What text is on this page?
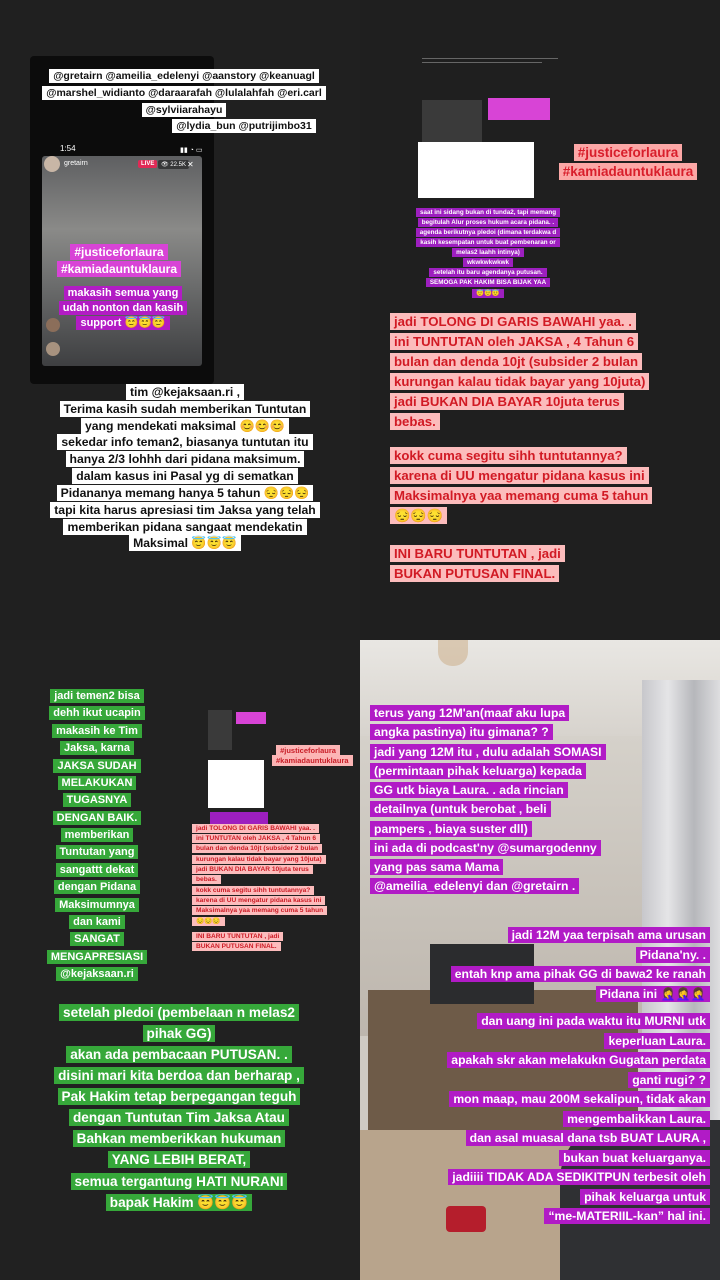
1:54	▮▮ ◔ ▭
gretairn	LIVE	👁 22.5K ✕
@gretairn @ameilia_edelenyi @aanstory @keanuagl
@marshel_widianto @daraarafah @lulalahfah @eri.carl
@sylviiarahayu
@lydia_bun @putrijimbo31
#justiceforlaura
#kamiadauntuklaura
makasih semua yang
udah nonton dan kasih
support 😇😇😇
tim @kejaksaan.ri ,
Terima kasih sudah memberikan Tuntutan
yang mendekati maksimal 😊😊😊
sekedar info teman2, biasanya tuntutan itu
hanya 2/3 lohhh dari pidana maksimum.
dalam kasus ini Pasal yg di sematkan
Pidananya memang hanya 5 tahun 😔😔😔
tapi kita harus apresiasi tim Jaksa yang telah
memberikan pidana sangaat mendekatin
Maksimal 😇😇😇
#justiceforlaura
#kamiadauntuklaura
saat ini sidang bukan di tunda2, tapi memang
begitulah Alur proses hukum acara pidana. .
agenda berikutnya pledoi (dimana terdakwa d
kasih kesempatan untuk buat pembenaran or
melas2 laahh intinya)
wkwkwkwkwk
setelah itu baru agendanya putusan.
SEMOGA PAK HAKIM BISA BIJAK YAA
😇😇😇
jadi TOLONG DI GARIS BAWAHI yaa. .
ini TUNTUTAN oleh JAKSA , 4 Tahun 6
bulan dan denda 10jt (subsider 2 bulan
kurungan kalau tidak bayar yang 10juta)
jadi BUKAN DIA BAYAR 10juta terus
bebas.
kokk cuma segitu sihh tuntutannya?
karena di UU mengatur pidana kasus ini
Maksimalnya yaa memang cuma 5 tahun
😔😔😔
INI BARU TUNTUTAN , jadi
BUKAN PUTUSAN FINAL.
jadi temen2 bisa
dehh ikut ucapin
makasih ke Tim
Jaksa, karna
JAKSA SUDAH
MELAKUKAN
TUGASNYA
DENGAN BAIK.
memberikan
Tuntutan yang
sangattt dekat
dengan Pidana
Maksimumnya
dan kami
SANGAT
MENGAPRESIASI
@kejaksaan.ri
#justiceforlaura
#kamiadauntuklaura
jadi TOLONG DI GARIS BAWAHI yaa. .
ini TUNTUTAN oleh JAKSA , 4 Tahun 6
bulan dan denda 10jt (subsider 2 bulan
kurungan kalau tidak bayar yang 10juta)
jadi BUKAN DIA BAYAR 10juta terus
bebas.
kokk cuma segitu sihh tuntutannya?
karena di UU mengatur pidana kasus ini
Maksimalnya yaa memang cuma 5 tahun
😔😔😔
INI BARU TUNTUTAN , jadi
BUKAN PUTUSAN FINAL.
setelah pledoi (pembelaan n melas2
pihak GG)
akan ada pembacaan PUTUSAN. .
disini mari kita berdoa dan berharap ,
Pak Hakim tetap berpegangan teguh
dengan Tuntutan Tim Jaksa Atau
Bahkan memberikkan hukuman
YANG LEBIH BERAT,
semua tergantung HATI NURANI
bapak Hakim 😇😇😇
terus yang 12M'an(maaf aku lupa
angka pastinya) itu gimana? ?
jadi yang 12M itu , dulu adalah SOMASI
(permintaan pihak keluarga) kepada
GG utk biaya Laura. . ada rincian
detailnya (untuk berobat , beli
pampers , biaya suster dll)
ini ada di podcast'ny @sumargodenny
yang pas sama Mama
@ameilia_edelenyi dan @gretairn .
jadi 12M yaa terpisah ama urusan
Pidana'ny. .
entah knp ama pihak GG di bawa2 ke ranah
Pidana ini 🤦‍♀️🤦‍♀️🤦‍♀️
dan uang ini pada waktu itu MURNI utk
keperluan Laura.
apakah skr akan melakukn Gugatan perdata
ganti rugi? ?
mon maap, mau 200M sekalipun, tidak akan
mengembalikkan Laura.
dan asal muasal dana tsb BUAT LAURA ,
bukan buat keluarganya.
jadiiii TIDAK ADA SEDIKITPUN terbesit oleh
pihak keluarga untuk
“me-MATERIIL-kan” hal ini.
